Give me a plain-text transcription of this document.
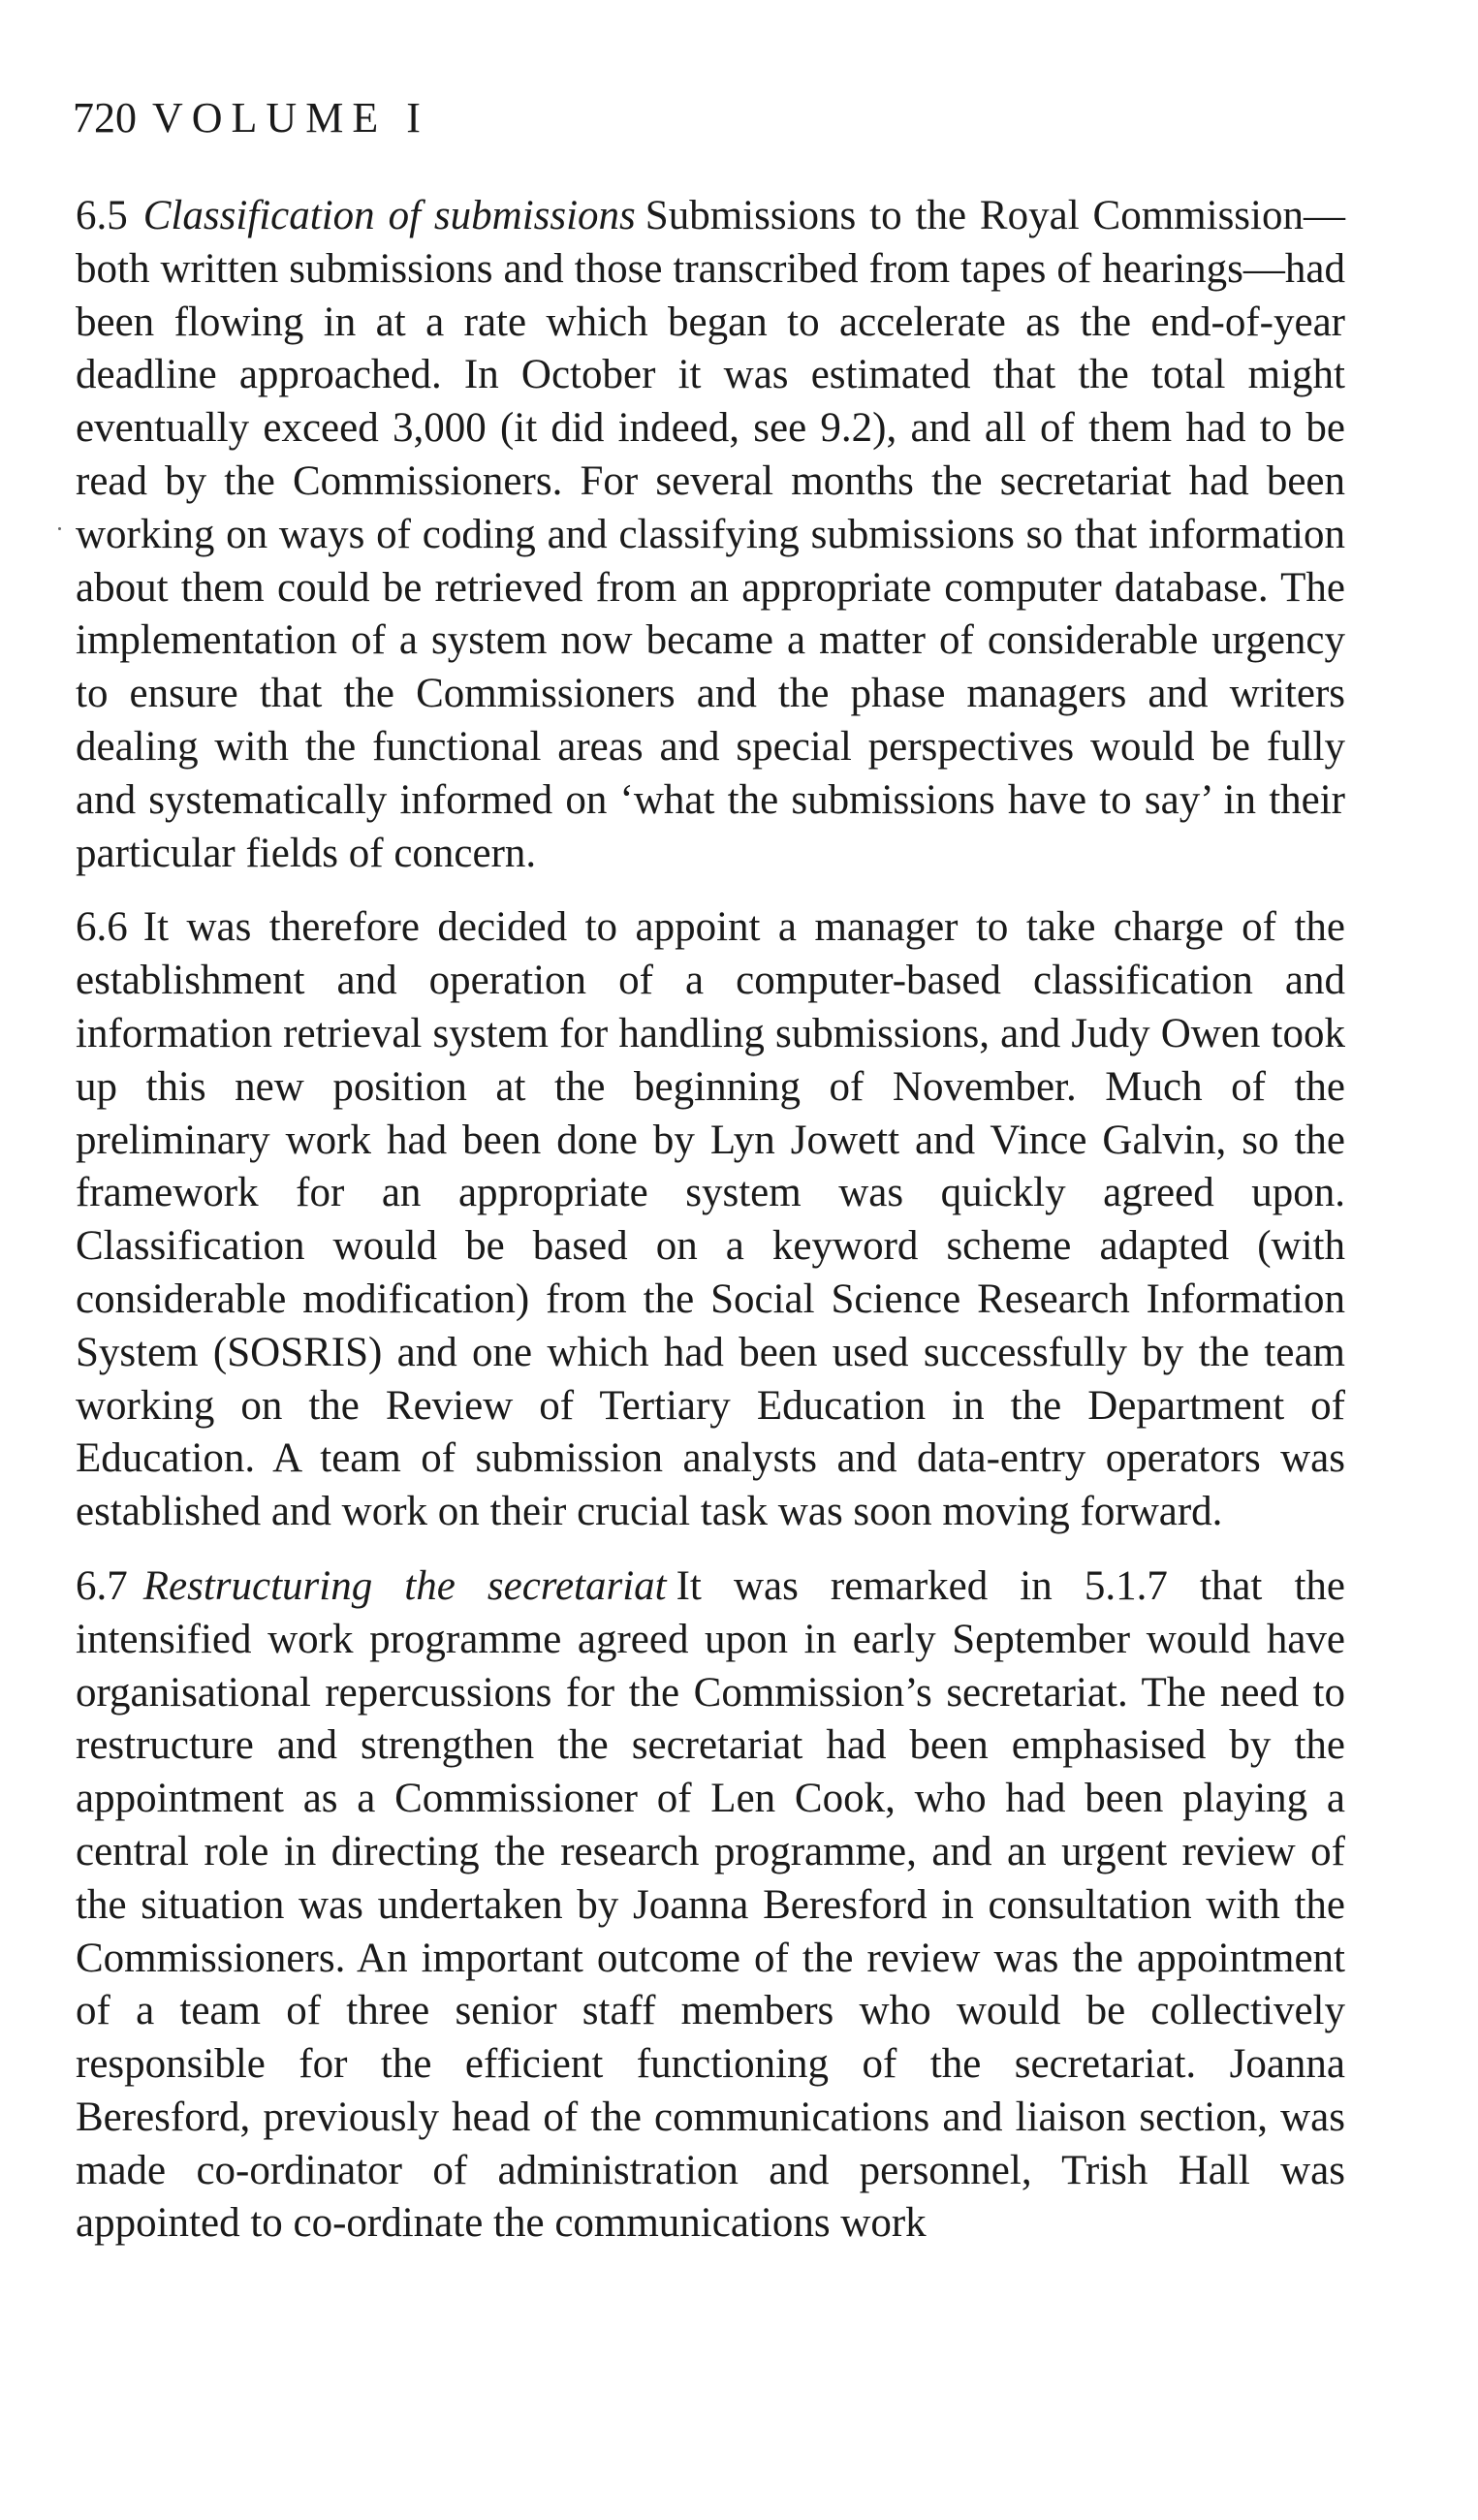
720 VOLUME I

6.5 Classification of submissions Submissions to the Royal Commission—both written submissions and those transcribed from tapes of hearings—had been flowing in at a rate which began to accelerate as the end-of-year deadline approached. In October it was estimated that the total might eventually exceed 3,000 (it did indeed, see 9.2), and all of them had to be read by the Commissioners. For several months the secretariat had been working on ways of coding and classifying submissions so that information about them could be retrieved from an appropriate computer database. The implementation of a system now became a matter of considerable urgency to ensure that the Commissioners and the phase managers and writers dealing with the functional areas and special perspectives would be fully and systematically informed on ‘what the submissions have to say’ in their particular fields of concern.

6.6 It was therefore decided to appoint a manager to take charge of the establishment and operation of a computer-based classification and information retrieval system for handling submissions, and Judy Owen took up this new position at the beginning of November. Much of the preliminary work had been done by Lyn Jowett and Vince Galvin, so the framework for an appropriate system was quickly agreed upon. Classification would be based on a keyword scheme adapted (with considerable modification) from the Social Science Research Information System (SOSRIS) and one which had been used successfully by the team working on the Review of Tertiary Education in the Department of Education. A team of submission analysts and data-entry operators was established and work on their crucial task was soon moving forward.

6.7 Restructuring the secretariat It was remarked in 5.1.7 that the intensified work programme agreed upon in early September would have organisational repercussions for the Commission’s secretariat. The need to restructure and strengthen the secretariat had been emphasised by the appointment as a Commissioner of Len Cook, who had been playing a central role in directing the research programme, and an urgent review of the situation was undertaken by Joanna Beresford in consultation with the Commissioners. An important outcome of the review was the appointment of a team of three senior staff members who would be collectively responsible for the efficient functioning of the secretariat. Joanna Beresford, previously head of the communications and liaison section, was made co-ordinator of administration and personnel, Trish Hall was appointed to co-ordinate the communications work
